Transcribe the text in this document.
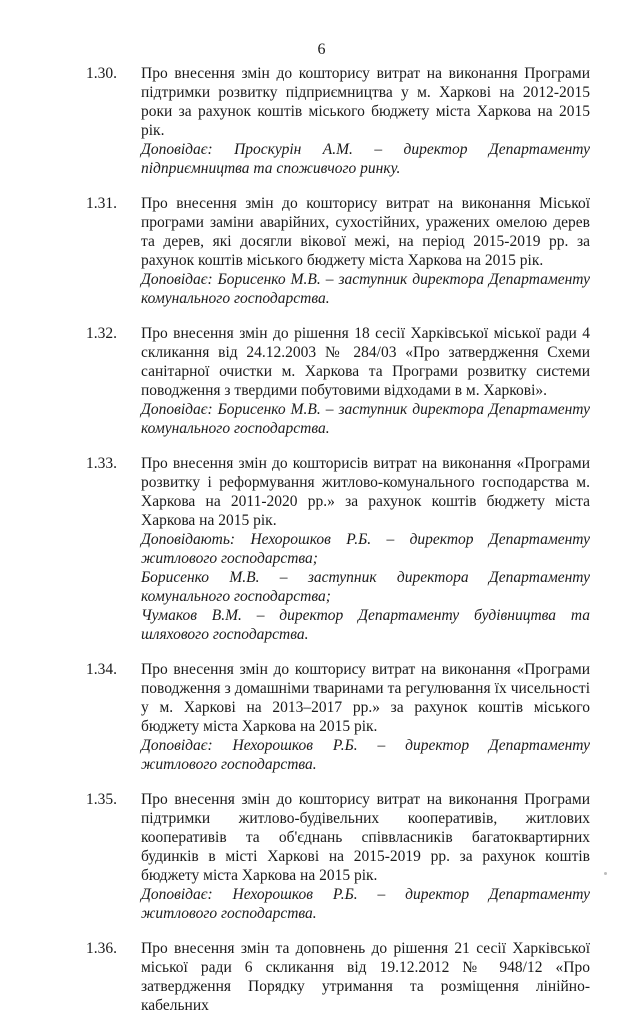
6
1.30. Про внесення змін до кошторису витрат на виконання Програми підтримки розвитку підприємництва у м. Харкові на 2012-2015 роки за рахунок коштів міського бюджету міста Харкова на 2015 рік.

Доповідає: Проскурін А.М. – директор Департаменту підприємництва та споживчого ринку.

1.31. Про внесення змін до кошторису витрат на виконання Міської програми заміни аварійних, сухостійних, уражених омелою дерев та дерев, які досягли вікової межі, на період 2015-2019 рр. за рахунок коштів міського бюджету міста Харкова на 2015 рік.

Доповідає: Борисенко М.В. – заступник директора Департаменту комунального господарства.

1.32. Про внесення змін до рішення 18 сесії Харківської міської ради 4 скликання від 24.12.2003 № 284/03 «Про затвердження Схеми санітарної очистки м. Харкова та Програми розвитку системи поводження з твердими побутовими відходами в м. Харкові».

Доповідає: Борисенко М.В. – заступник директора Департаменту комунального господарства.

1.33. Про внесення змін до кошторисів витрат на виконання «Програми розвитку і реформування житлово-комунального господарства м. Харкова на 2011-2020 рр.» за рахунок коштів бюджету міста Харкова на 2015 рік.

Доповідають: Нехорошков Р.Б. – директор Департаменту житлового господарства;

Борисенко М.В. – заступник директора Департаменту комунального господарства;

Чумаков В.М. – директор Департаменту будівництва та шляхового господарства.

1.34. Про внесення змін до кошторису витрат на виконання «Програми поводження з домашніми тваринами та регулювання їх чисельності у м. Харкові на 2013–2017 рр.» за рахунок коштів міського бюджету міста Харкова на 2015 рік.

Доповідає: Нехорошков Р.Б. – директор Департаменту житлового господарства.

1.35. Про внесення змін до кошторису витрат на виконання Програми підтримки житлово-будівельних кооперативів, житлових кооперативів та об'єднань співвласників багатоквартирних будинків в місті Харкові на 2015-2019 рр. за рахунок коштів бюджету міста Харкова на 2015 рік.

Доповідає: Нехорошков Р.Б. – директор Департаменту житлового господарства.

1.36. Про внесення змін та доповнень до рішення 21 сесії Харківської міської ради 6 скликання від 19.12.2012 № 948/12 «Про затвердження Порядку утримання та розміщення лінійно-кабельних
